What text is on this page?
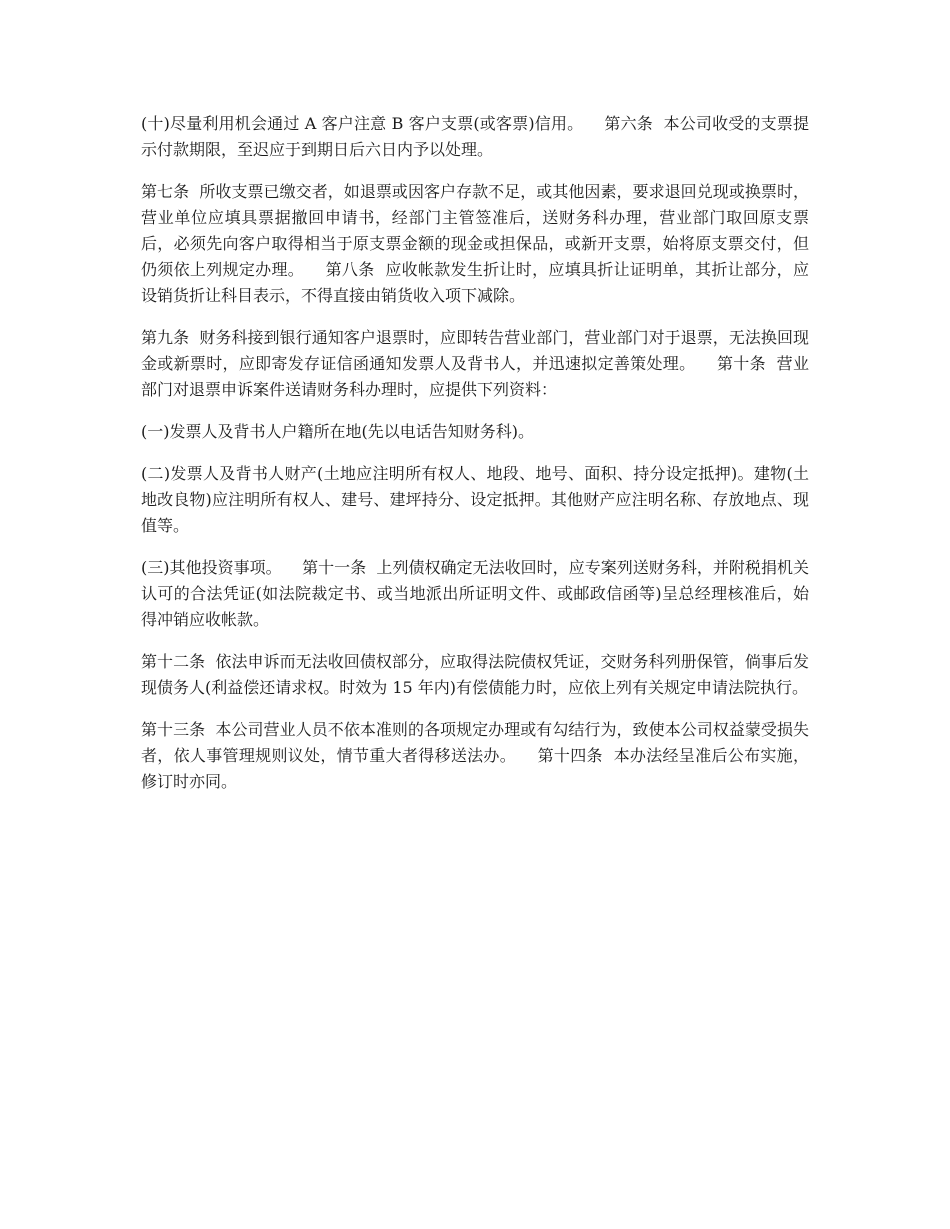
(十)尽量利用机会通过 A 客户注意 B 客户支票(或客票)信用。    第六条  本公司收受的支票提示付款期限，至迟应于到期日后六日内予以处理。

第七条  所收支票已缴交者，如退票或因客户存款不足，或其他因素，要求退回兑现或换票时，营业单位应填具票据撤回申请书，经部门主管签准后，送财务科办理，营业部门取回原支票后，必须先向客户取得相当于原支票金额的现金或担保品，或新开支票，始将原支票交付，但仍须依上列规定办理。    第八条  应收帐款发生折让时，应填具折让证明单，其折让部分，应设销货折让科目表示，不得直接由销货收入项下减除。

第九条  财务科接到银行通知客户退票时，应即转告营业部门，营业部门对于退票，无法换回现金或新票时，应即寄发存证信函通知发票人及背书人，并迅速拟定善策处理。    第十条  营业部门对退票申诉案件送请财务科办理时，应提供下列资料：

(一)发票人及背书人户籍所在地(先以电话告知财务科)。

(二)发票人及背书人财产(土地应注明所有权人、地段、地号、面积、持分设定抵押)。建物(土地改良物)应注明所有权人、建号、建坪持分、设定抵押。其他财产应注明名称、存放地点、现值等。

(三)其他投资事项。    第十一条  上列债权确定无法收回时，应专案列送财务科，并附税捐机关认可的合法凭证(如法院裁定书、或当地派出所证明文件、或邮政信函等)呈总经理核准后，始得冲销应收帐款。

第十二条  依法申诉而无法收回债权部分，应取得法院债权凭证，交财务科列册保管，倘事后发现债务人(利益偿还请求权。时效为 15 年内)有偿债能力时，应依上列有关规定申请法院执行。

第十三条  本公司营业人员不依本准则的各项规定办理或有勾结行为，致使本公司权益蒙受损失者，依人事管理规则议处，情节重大者得移送法办。    第十四条  本办法经呈准后公布实施，修订时亦同。
